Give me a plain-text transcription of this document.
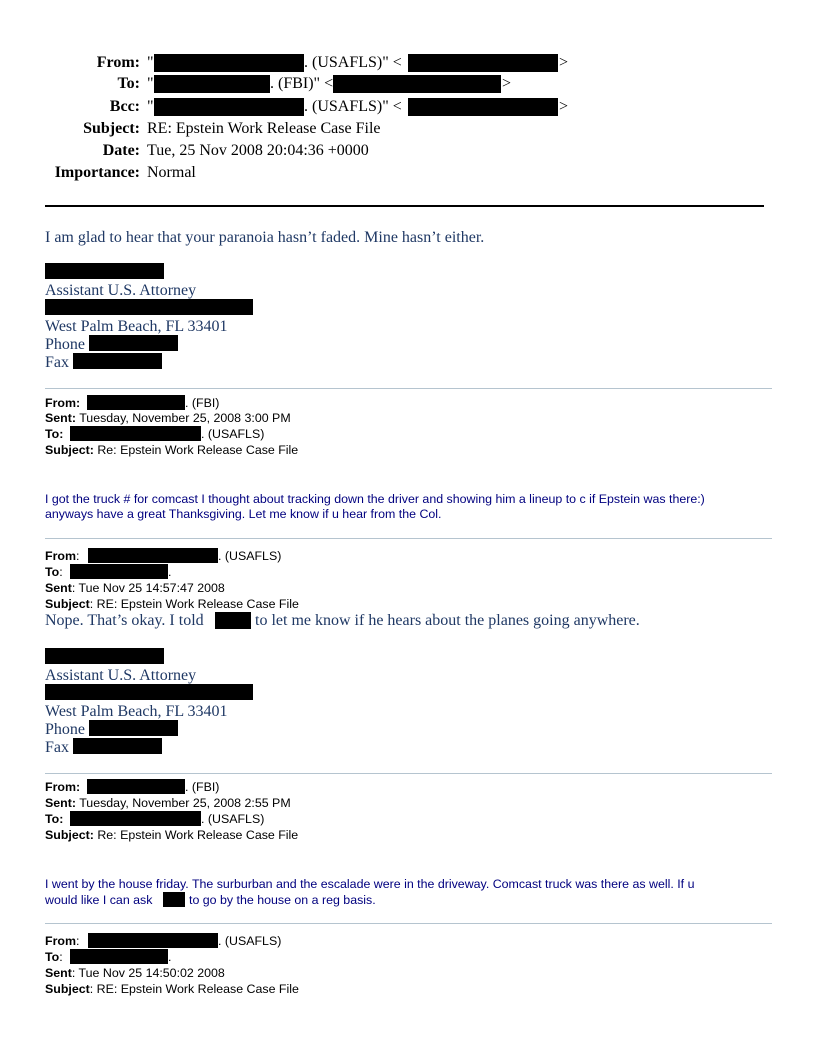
From: "	. (USAFLS)" <	>
To: "	. (FBI)" <	>
Bcc: "	. (USAFLS)" <	>
Subject: RE: Epstein Work Release Case File
Date: Tue, 25 Nov 2008 20:04:36 +0000
Importance: Normal
I am glad to hear that your paranoia hasn’t faded. Mine hasn’t either.
Assistant U.S. Attorney
West Palm Beach, FL 33401
Phone
Fax
From:	. (FBI)
Sent: Tuesday, November 25, 2008 3:00 PM
To:	. (USAFLS)
Subject: Re: Epstein Work Release Case File
I got the truck # for comcast I thought about tracking down the driver and showing him a lineup to c if Epstein was there:)
anyways have a great Thanksgiving. Let me know if u hear from the Col.
From:	. (USAFLS)
To:	.
Sent: Tue Nov 25 14:57:47 2008
Subject: RE: Epstein Work Release Case File
Nope. That’s okay. I told	to let me know if he hears about the planes going anywhere.
Assistant U.S. Attorney
West Palm Beach, FL 33401
Phone
Fax
From:	. (FBI)
Sent: Tuesday, November 25, 2008 2:55 PM
To:	. (USAFLS)
Subject: Re: Epstein Work Release Case File
I went by the house friday. The surburban and the escalade were in the driveway. Comcast truck was there as well. If u
would like I can ask	to go by the house on a reg basis.
From:	. (USAFLS)
To:	.
Sent: Tue Nov 25 14:50:02 2008
Subject: RE: Epstein Work Release Case File
